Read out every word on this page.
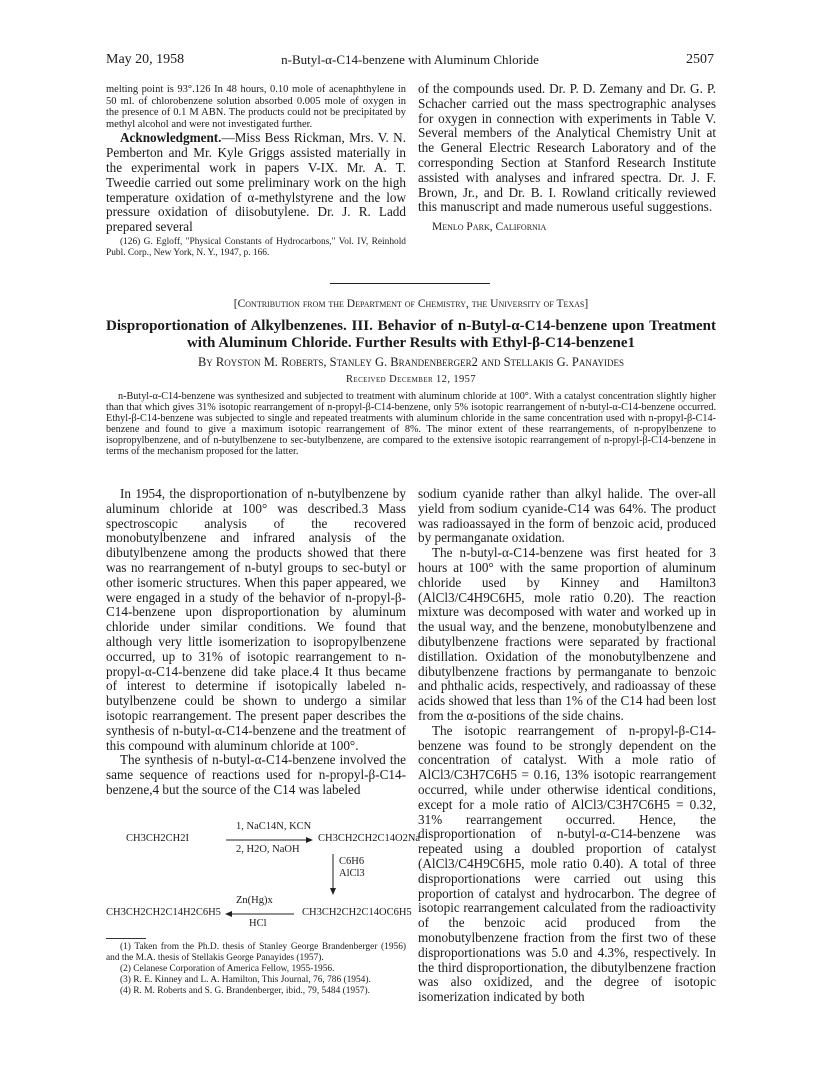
May 20, 1958	n-Butyl-α-C14-benzene with Aluminum Chloride	2507

melting point is 93°.126 In 48 hours, 0.10 mole of acenaphthylene in 50 ml. of chlorobenzene solution absorbed 0.005 mole of oxygen in the presence of 0.1 M ABN. The products could not be precipitated by methyl alcohol and were not investigated further.

Acknowledgment.—Miss Bess Rickman, Mrs. V. N. Pemberton and Mr. Kyle Griggs assisted materially in the experimental work in papers V-IX. Mr. A. T. Tweedie carried out some preliminary work on the high temperature oxidation of α-methylstyrene and the low pressure oxidation of diisobutylene. Dr. J. R. Ladd prepared several

(126) G. Egloff, "Physical Constants of Hydrocarbons," Vol. IV, Reinhold Publ. Corp., New York, N. Y., 1947, p. 166.

of the compounds used. Dr. P. D. Zemany and Dr. G. P. Schacher carried out the mass spectrographic analyses for oxygen in connection with experiments in Table V. Several members of the Analytical Chemistry Unit at the General Electric Research Laboratory and of the corresponding Section at Stanford Research Institute assisted with analyses and infrared spectra. Dr. J. F. Brown, Jr., and Dr. B. I. Rowland critically reviewed this manuscript and made numerous useful suggestions.

Menlo Park, California

[Contribution from the Department of Chemistry, the University of Texas]
Disproportionation of Alkylbenzenes. III. Behavior of n-Butyl-α-C14-benzene upon Treatment with Aluminum Chloride. Further Results with Ethyl-β-C14-benzene1
By Royston M. Roberts, Stanley G. Brandenberger2 and Stellakis G. Panayides
Received December 12, 1957
n-Butyl-α-C14-benzene was synthesized and subjected to treatment with aluminum chloride at 100°. With a catalyst concentration slightly higher than that which gives 31% isotopic rearrangement of n-propyl-β-C14-benzene, only 5% isotopic rearrangement of n-butyl-α-C14-benzene occurred. Ethyl-β-C14-benzene was subjected to single and repeated treatments with aluminum chloride in the same concentration used with n-propyl-β-C14-benzene and found to give a maximum isotopic rearrangement of 8%. The minor extent of these rearrangements, of n-propylbenzene to isopropylbenzene, and of n-butylbenzene to sec-butylbenzene, are compared to the extensive isotopic rearrangement of n-propyl-β-C14-benzene in terms of the mechanism proposed for the latter.

In 1954, the disproportionation of n-butylbenzene by aluminum chloride at 100° was described.3 Mass spectroscopic analysis of the recovered monobutylbenzene and infrared analysis of the dibutylbenzene among the products showed that there was no rearrangement of n-butyl groups to sec-butyl or other isomeric structures. When this paper appeared, we were engaged in a study of the behavior of n-propyl-β-C14-benzene upon disproportionation by aluminum chloride under similar conditions. We found that although very little isomerization to isopropylbenzene occurred, up to 31% of isotopic rearrangement to n-propyl-α-C14-benzene did take place.4 It thus became of interest to determine if isotopically labeled n-butylbenzene could be shown to undergo a similar isotopic rearrangement. The present paper describes the synthesis of n-butyl-α-C14-benzene and the treatment of this compound with aluminum chloride at 100°.

The synthesis of n-butyl-α-C14-benzene involved the same sequence of reactions used for n-propyl-β-C14-benzene,4 but the source of the C14 was labeled

CH3CH2CH2I
1, NaC14N, KCN
2, H2O, NaOH
CH3CH2CH2C14O2Na
C6H6
AlCl3
CH3CH2CH2C14H2C6H5
Zn(Hg)x
HCl
CH3CH2CH2C14OC6H5

(1) Taken from the Ph.D. thesis of Stanley George Brandenberger (1956) and the M.A. thesis of Stellakis George Panayides (1957).

(2) Celanese Corporation of America Fellow, 1955-1956.

(3) R. E. Kinney and L. A. Hamilton, This Journal, 76, 786 (1954).

(4) R. M. Roberts and S. G. Brandenberger, ibid., 79, 5484 (1957).

sodium cyanide rather than alkyl halide. The over-all yield from sodium cyanide-C14 was 64%. The product was radioassayed in the form of benzoic acid, produced by permanganate oxidation.

The n-butyl-α-C14-benzene was first heated for 3 hours at 100° with the same proportion of aluminum chloride used by Kinney and Hamilton3 (AlCl3/C4H9C6H5, mole ratio 0.20). The reaction mixture was decomposed with water and worked up in the usual way, and the benzene, monobutylbenzene and dibutylbenzene fractions were separated by fractional distillation. Oxidation of the monobutylbenzene and dibutylbenzene fractions by permanganate to benzoic and phthalic acids, respectively, and radioassay of these acids showed that less than 1% of the C14 had been lost from the α-positions of the side chains.

The isotopic rearrangement of n-propyl-β-C14-benzene was found to be strongly dependent on the concentration of catalyst. With a mole ratio of AlCl3/C3H7C6H5 = 0.16, 13% isotopic rearrangement occurred, while under otherwise identical conditions, except for a mole ratio of AlCl3/C3H7C6H5 = 0.32, 31% rearrangement occurred. Hence, the disproportionation of n-butyl-α-C14-benzene was repeated using a doubled proportion of catalyst (AlCl3/C4H9C6H5, mole ratio 0.40). A total of three disproportionations were carried out using this proportion of catalyst and hydrocarbon. The degree of isotopic rearrangement calculated from the radioactivity of the benzoic acid produced from the monobutylbenzene fraction from the first two of these disproportionations was 5.0 and 4.3%, respectively. In the third disproportionation, the dibutylbenzene fraction was also oxidized, and the degree of isotopic isomerization indicated by both
